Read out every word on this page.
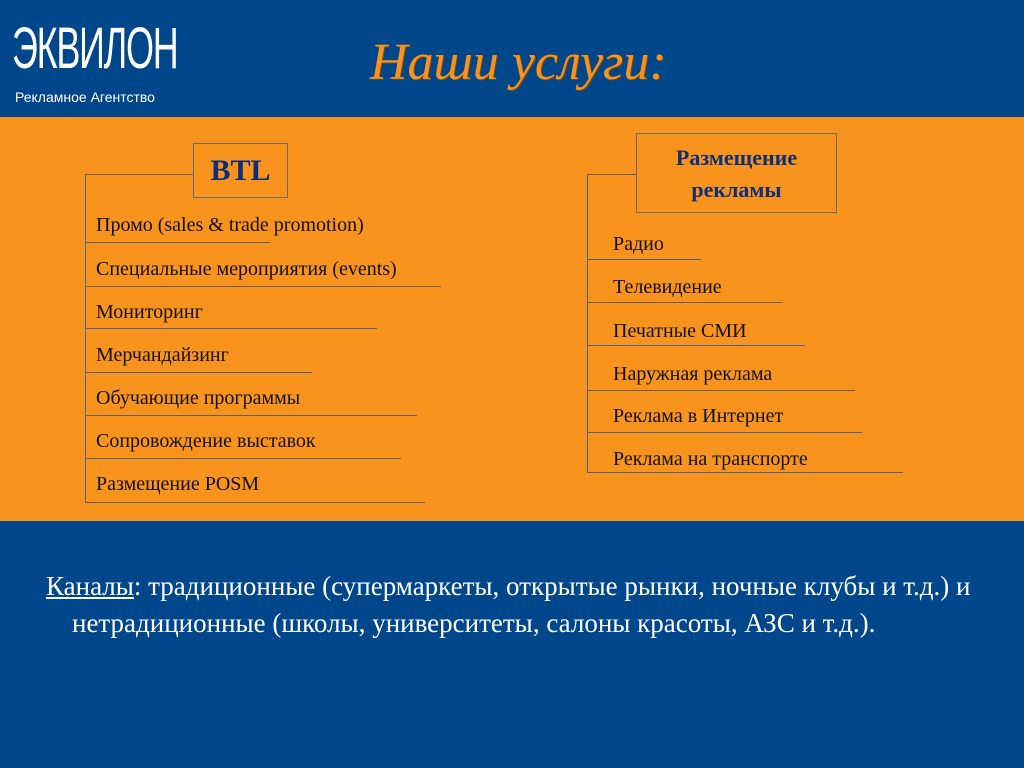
ЭКВИЛОН
Рекламное Агентство
Наши услуги:
BTL
Промо (sales & trade promotion)
Специальные мероприятия (events)
Мониторинг
Мерчандайзинг
Обучающие программы
Сопровождение выставок
Размещение POSM
Размещение
рекламы
Радио
Телевидение
Печатные СМИ
Наружная реклама
Реклама в Интернет
Реклама на транспорте
Каналы: традиционные (супермаркеты, открытые рынки, ночные клубы и т.д.) и нетрадиционные (школы, университеты, салоны красоты, АЗС и т.д.).
